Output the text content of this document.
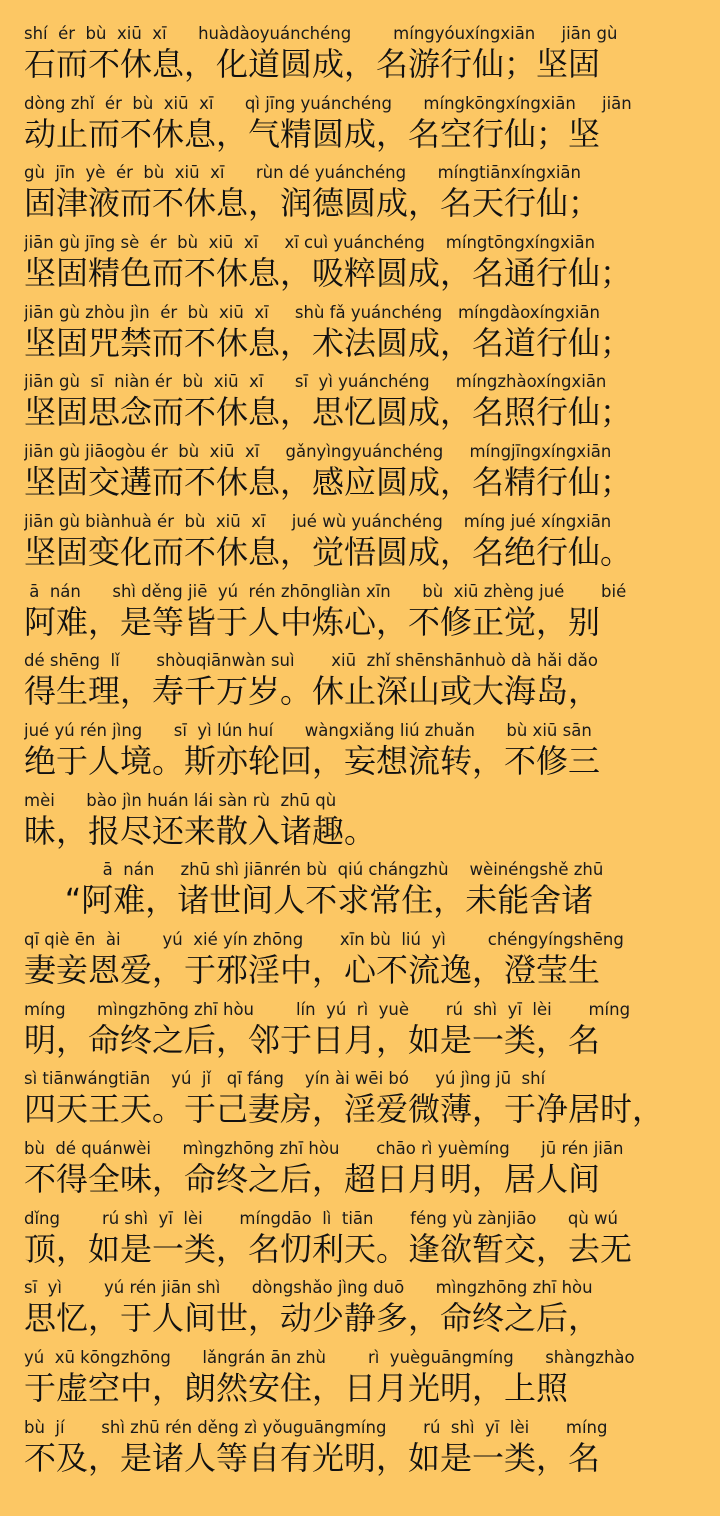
shí  ér  bù  xiū  xī      huàdàoyuánchéng        míngyóuxíngxiān     jiān gù
石而不休息，化道圆成，名游行仙；坚固
dòng zhǐ  ér  bù  xiū  xī      qì jīng yuánchéng      míngkōngxíngxiān     jiān
动止而不休息，气精圆成，名空行仙；坚
gù  jīn  yè  ér  bù  xiū  xī      rùn dé yuánchéng      míngtiānxíngxiān
固津液而不休息，润德圆成，名天行仙；
jiān gù jīng sè  ér  bù  xiū  xī     xī cuì yuánchéng    míngtōngxíngxiān
坚固精色而不休息，吸粹圆成，名通行仙；
jiān gù zhòu jìn  ér  bù  xiū  xī     shù fǎ yuánchéng   míngdàoxíngxiān
坚固咒禁而不休息，术法圆成，名道行仙；
jiān gù  sī  niàn ér  bù  xiū  xī      sī  yì yuánchéng     míngzhàoxíngxiān
坚固思念而不休息，思忆圆成，名照行仙；
jiān gù jiāogòu ér  bù  xiū  xī     gǎnyìngyuánchéng     míngjīngxíngxiān
坚固交遘而不休息，感应圆成，名精行仙；
jiān gù biànhuà ér  bù  xiū  xī     jué wù yuánchéng    míng jué xíngxiān
坚固变化而不休息，觉悟圆成，名绝行仙。
ā  nán      shì děng jiē  yú  rén zhōngliàn xīn      bù  xiū zhèng jué       bié
阿难，是等皆于人中炼心，不修正觉，别
dé shēng  lǐ       shòuqiānwàn suì       xiū  zhǐ shēnshānhuò dà hǎi dǎo
得生理，寿千万岁。休止深山或大海岛，
jué yú rén jìng      sī  yì lún huí      wàngxiǎng liú zhuǎn      bù xiū sān
绝于人境。斯亦轮回，妄想流转，不修三
mèi      bào jìn huán lái sàn rù  zhū qù
昧，报尽还来散入诸趣。
ā  nán     zhū shì jiānrén bù  qiú chángzhù    wèinéngshě zhū
“阿难，诸世间人不求常住，未能舍诸
qī qiè ēn  ài        yú  xié yín zhōng       xīn bù  liú  yì        chéngyíngshēng
妻妾恩爱，于邪淫中，心不流逸，澄莹生
míng      mìngzhōng zhī hòu        lín  yú  rì  yuè       rú  shì  yī  lèi       míng
明，命终之后，邻于日月，如是一类，名
sì tiānwángtiān    yú  jǐ   qī fáng    yín ài wēi bó     yú jìng jū  shí
四天王天。于己妻房，淫爱微薄，于净居时，
bù  dé quánwèi      mìngzhōng zhī hòu       chāo rì yuèmíng      jū rén jiān
不得全味，命终之后，超日月明，居人间
dǐng        rú shì  yī  lèi       míngdāo  lì  tiān       féng yù zànjiāo      qù wú
顶，如是一类，名忉利天。逢欲暂交，去无
sī  yì        yú rén jiān shì      dòngshǎo jìng duō      mìngzhōng zhī hòu
思忆，于人间世，动少静多，命终之后，
yú  xū kōngzhōng      lǎngrán ān zhù        rì  yuèguāngmíng      shàngzhào
于虚空中，朗然安住，日月光明，上照
bù  jí       shì zhū rén děng zì yǒuguāngmíng       rú  shì  yī  lèi       míng
不及，是诸人等自有光明，如是一类，名
